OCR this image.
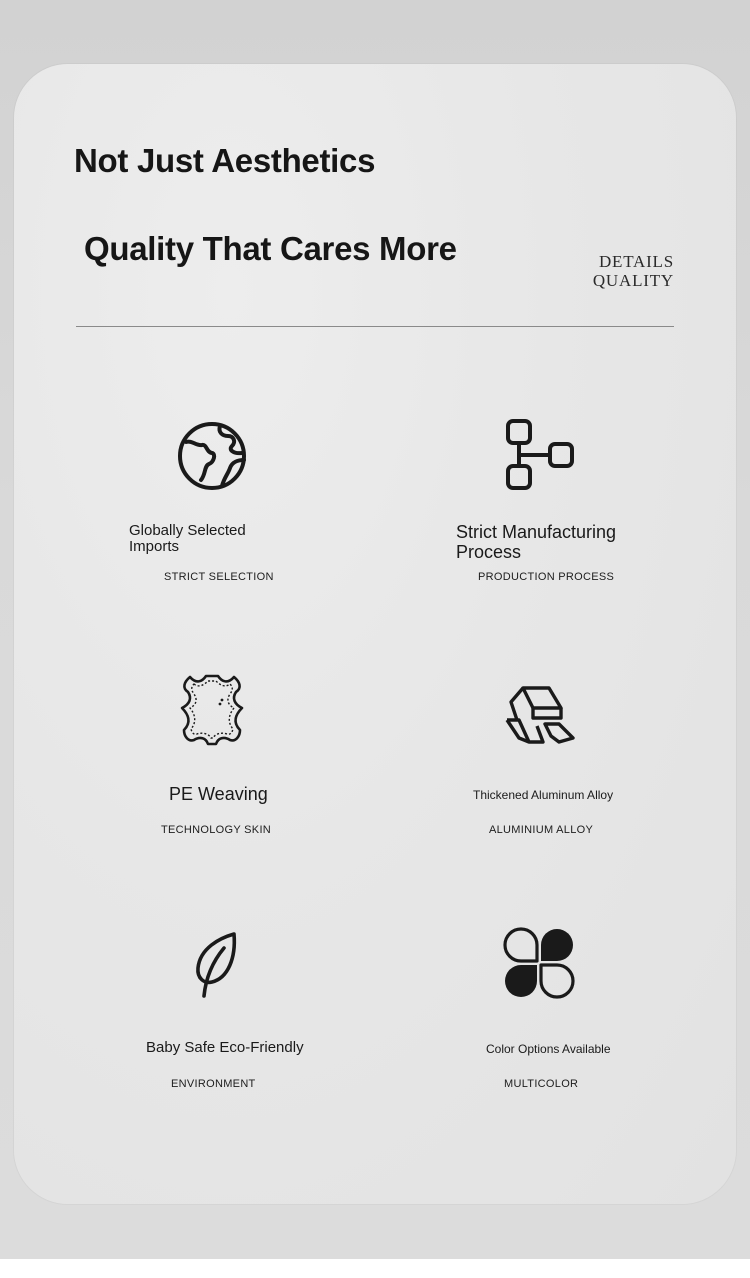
Not Just Aesthetics
Quality That Cares More	DETAILS
QUALITY
Globally Selected Imports
STRICT SELECTION
Strict Manufacturing Process
PRODUCTION PROCESS
PE Weaving
TECHNOLOGY SKIN
Thickened Aluminum Alloy
ALUMINIUM ALLOY
Baby Safe Eco-Friendly
ENVIRONMENT
Color Options Available
MULTICOLOR
